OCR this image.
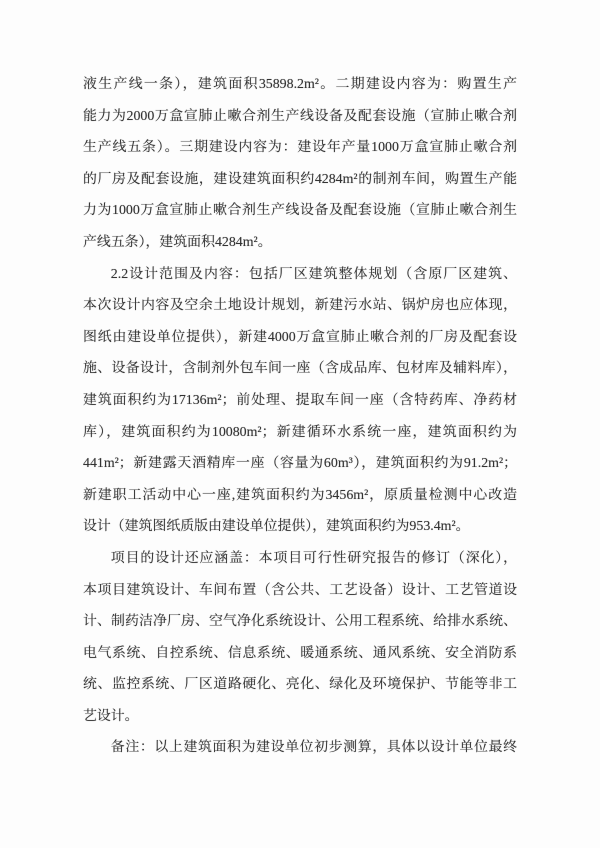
液生产线一条），建筑面积35898.2m²。二期建设内容为：购置生产
能力为2000万盒宣肺止嗽合剂生产线设备及配套设施（宣肺止嗽合剂
生产线五条）。三期建设内容为：建设年产量1000万盒宣肺止嗽合剂
的厂房及配套设施，建设建筑面积约4284m²的制剂车间，购置生产能
力为1000万盒宣肺止嗽合剂生产线设备及配套设施（宣肺止嗽合剂生
产线五条），建筑面积4284m²。
2.2设计范围及内容：包括厂区建筑整体规划（含原厂区建筑、
本次设计内容及空余土地设计规划，新建污水站、锅炉房也应体现，
图纸由建设单位提供），新建4000万盒宣肺止嗽合剂的厂房及配套设
施、设备设计，含制剂外包车间一座（含成品库、包材库及辅料库），
建筑面积约为17136m²；前处理、提取车间一座（含特药库、净药材
库），建筑面积约为10080m²；新建循环水系统一座，建筑面积约为
441m²；新建露天酒精库一座（容量为60m³），建筑面积约为91.2m²；
新建职工活动中心一座,建筑面积约为3456m²，原质量检测中心改造
设计（建筑图纸质版由建设单位提供），建筑面积约为953.4m²。
项目的设计还应涵盖：本项目可行性研究报告的修订（深化），
本项目建筑设计、车间布置（含公共、工艺设备）设计、工艺管道设
计、制药洁净厂房、空气净化系统设计、公用工程系统、给排水系统、
电气系统、自控系统、信息系统、暖通系统、通风系统、安全消防系
统、监控系统、厂区道路硬化、亮化、绿化及环境保护、节能等非工
艺设计。
备注：以上建筑面积为建设单位初步测算，具体以设计单位最终
